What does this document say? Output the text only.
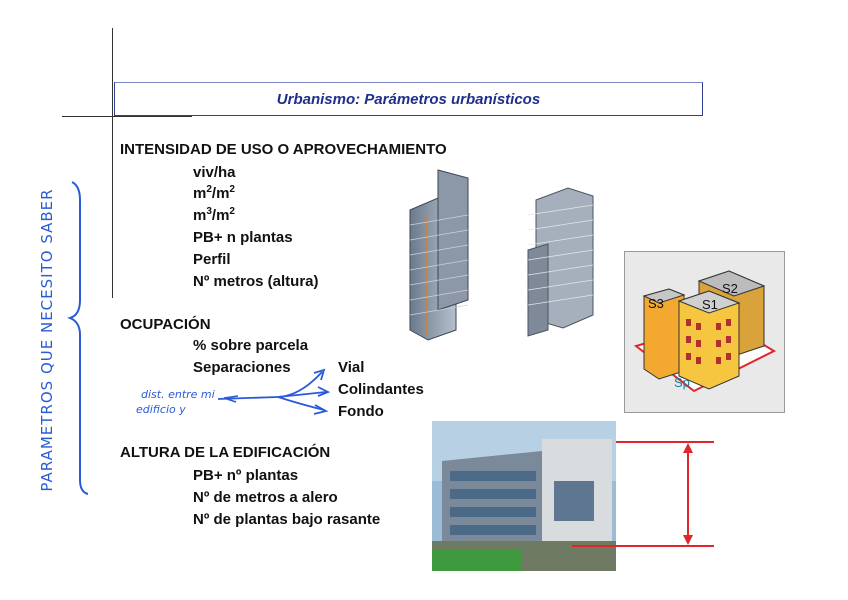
Urbanismo: Parámetros urbanísticos
INTENSIDAD DE USO O APROVECHAMIENTO
viv/ha
$m^2/m^2$
$m^3/m^2$
PB+ n plantas
Perfil
Nº metros (altura)
OCUPACIÓN
% sobre parcela
Separaciones	Vial
Colindantes
Fondo
ALTURA DE LA EDIFICACIÓN
PB+ nº plantas
Nº de metros a alero
Nº de plantas bajo rasante
PARAMETROS QUE NECESITO SABER	dist. entre mi
edificio y
S3	S1
S2
Sp
